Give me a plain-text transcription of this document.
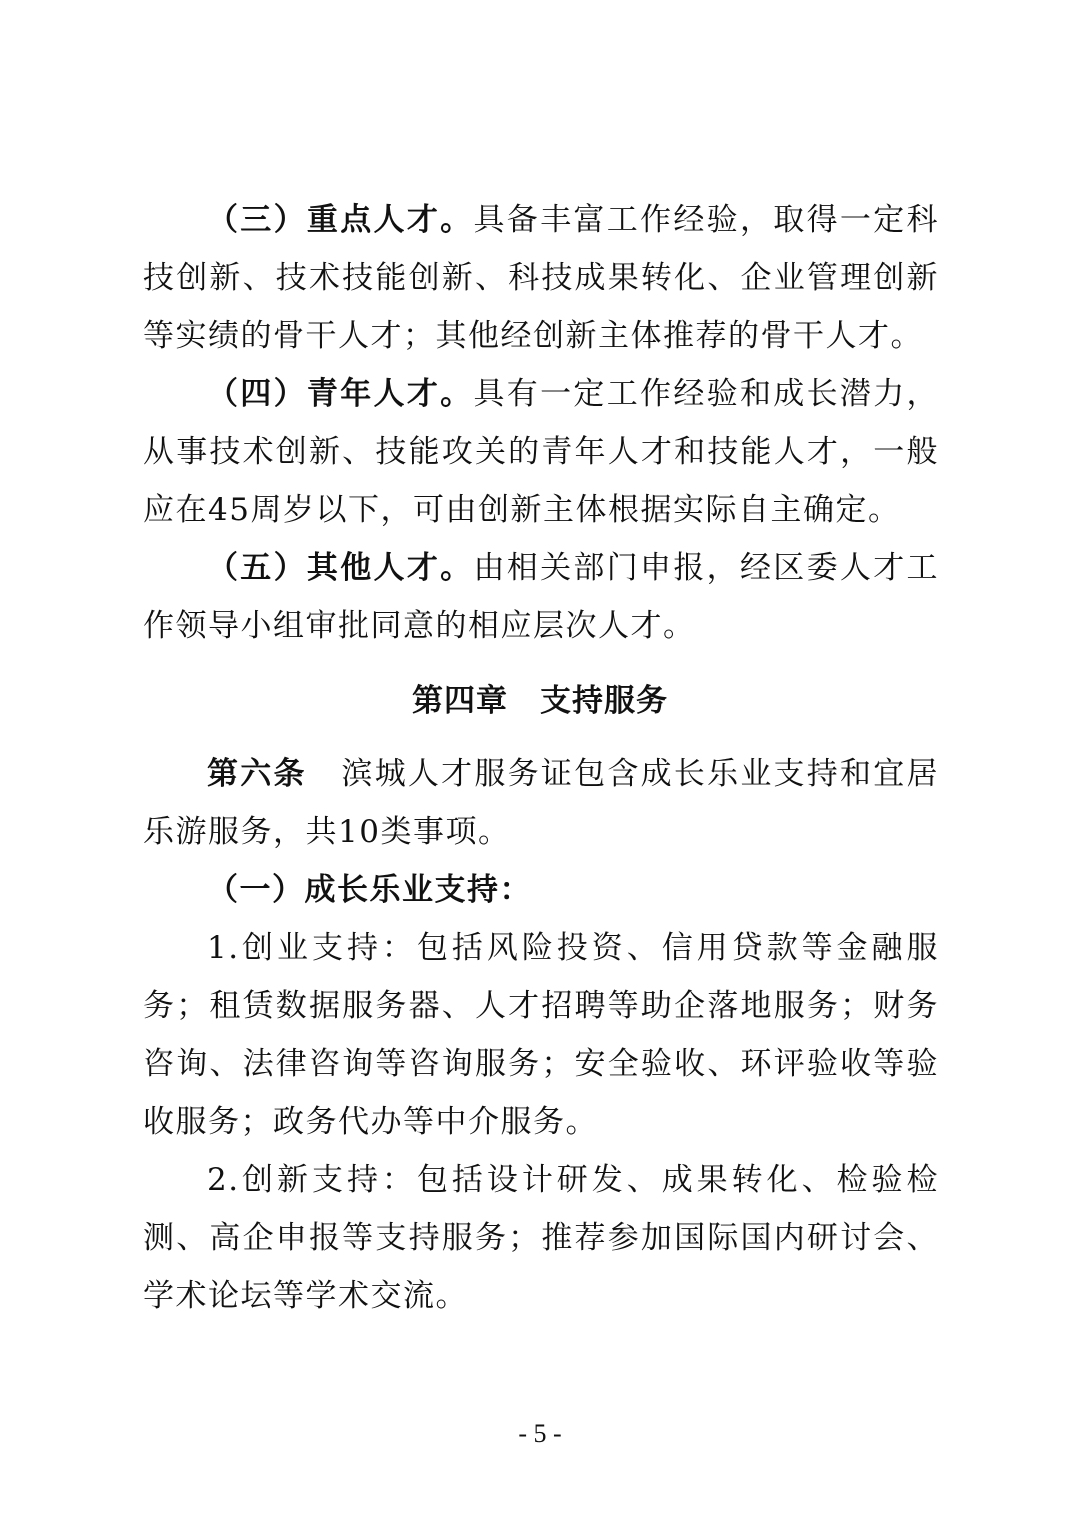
（三）重点人才。具备丰富工作经验，取得一定科技创新、技术技能创新、科技成果转化、企业管理创新等实绩的骨干人才；其他经创新主体推荐的骨干人才。

（四）青年人才。具有一定工作经验和成长潜力，从事技术创新、技能攻关的青年人才和技能人才，一般应在45周岁以下，可由创新主体根据实际自主确定。

（五）其他人才。由相关部门申报，经区委人才工作领导小组审批同意的相应层次人才。

第四章 支持服务

第六条 滨城人才服务证包含成长乐业支持和宜居乐游服务，共10类事项。

（一）成长乐业支持：

1.创业支持：包括风险投资、信用贷款等金融服务；租赁数据服务器、人才招聘等助企落地服务；财务咨询、法律咨询等咨询服务；安全验收、环评验收等验收服务；政务代办等中介服务。

2.创新支持：包括设计研发、成果转化、检验检测、高企申报等支持服务；推荐参加国际国内研讨会、学术论坛等学术交流。

- 5 -
